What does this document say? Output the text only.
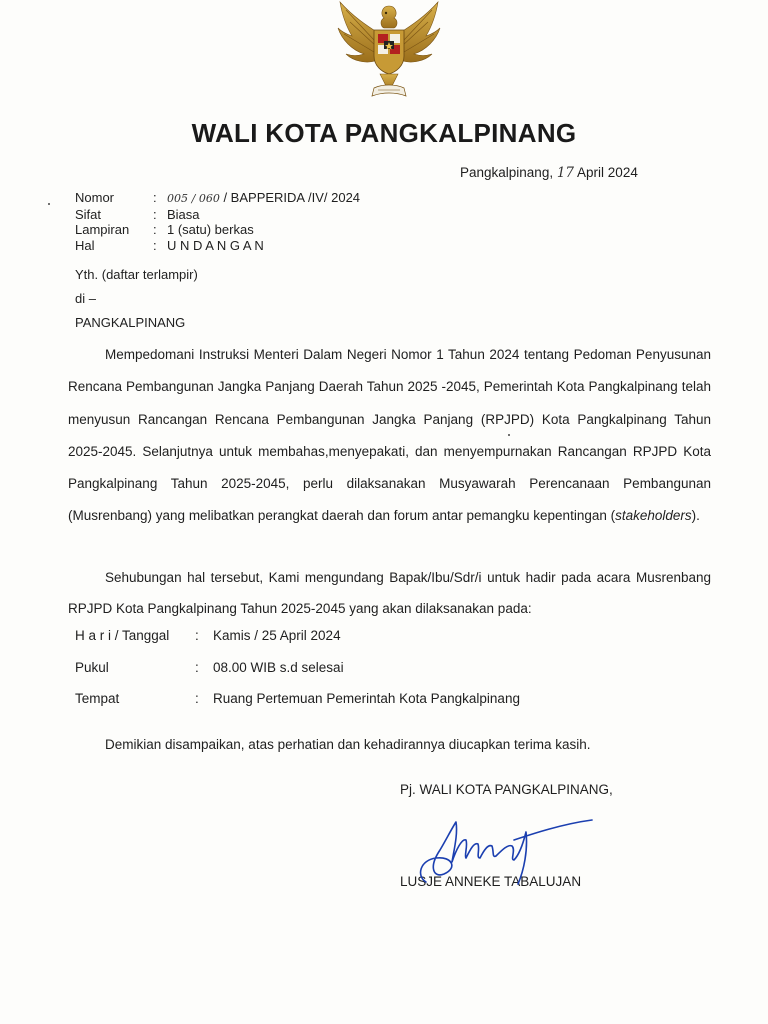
WALI KOTA PANGKALPINANG
Pangkalpinang, 17 April 2024
Nomor	: 005 / 060 / BAPPERIDA /IV/ 2024
Sifat	: Biasa
Lampiran	: 1 (satu) berkas
Hal	: U N D A N G A N
Yth. (daftar terlampir)
di –
PANGKALPINANG

Mempedomani Instruksi Menteri Dalam Negeri Nomor 1 Tahun 2024 tentang Pedoman Penyusunan Rencana Pembangunan Jangka Panjang Daerah Tahun 2025 -2045, Pemerintah Kota Pangkalpinang telah menyusun Rancangan Rencana Pembangunan Jangka Panjang (RPJPD) Kota Pangkalpinang Tahun 2025-2045. Selanjutnya untuk membahas,menyepakati, dan menyempurnakan Rancangan RPJPD Kota Pangkalpinang Tahun 2025-2045, perlu dilaksanakan Musyawarah Perencanaan Pembangunan (Musrenbang) yang melibatkan perangkat daerah dan forum antar pemangku kepentingan (stakeholders).

Sehubungan hal tersebut, Kami mengundang Bapak/Ibu/Sdr/i untuk hadir pada acara Musrenbang RPJPD Kota Pangkalpinang Tahun 2025-2045 yang akan dilaksanakan pada:

H a r i / Tanggal	:	Kamis / 25 April 2024
Pukul	:	08.00 WIB s.d selesai
Tempat	:	Ruang Pertemuan Pemerintah Kota Pangkalpinang
Demikian disampaikan, atas perhatian dan kehadirannya diucapkan terima kasih.
Pj. WALI KOTA PANGKALPINANG,
LUSJE ANNEKE TABALUJAN
